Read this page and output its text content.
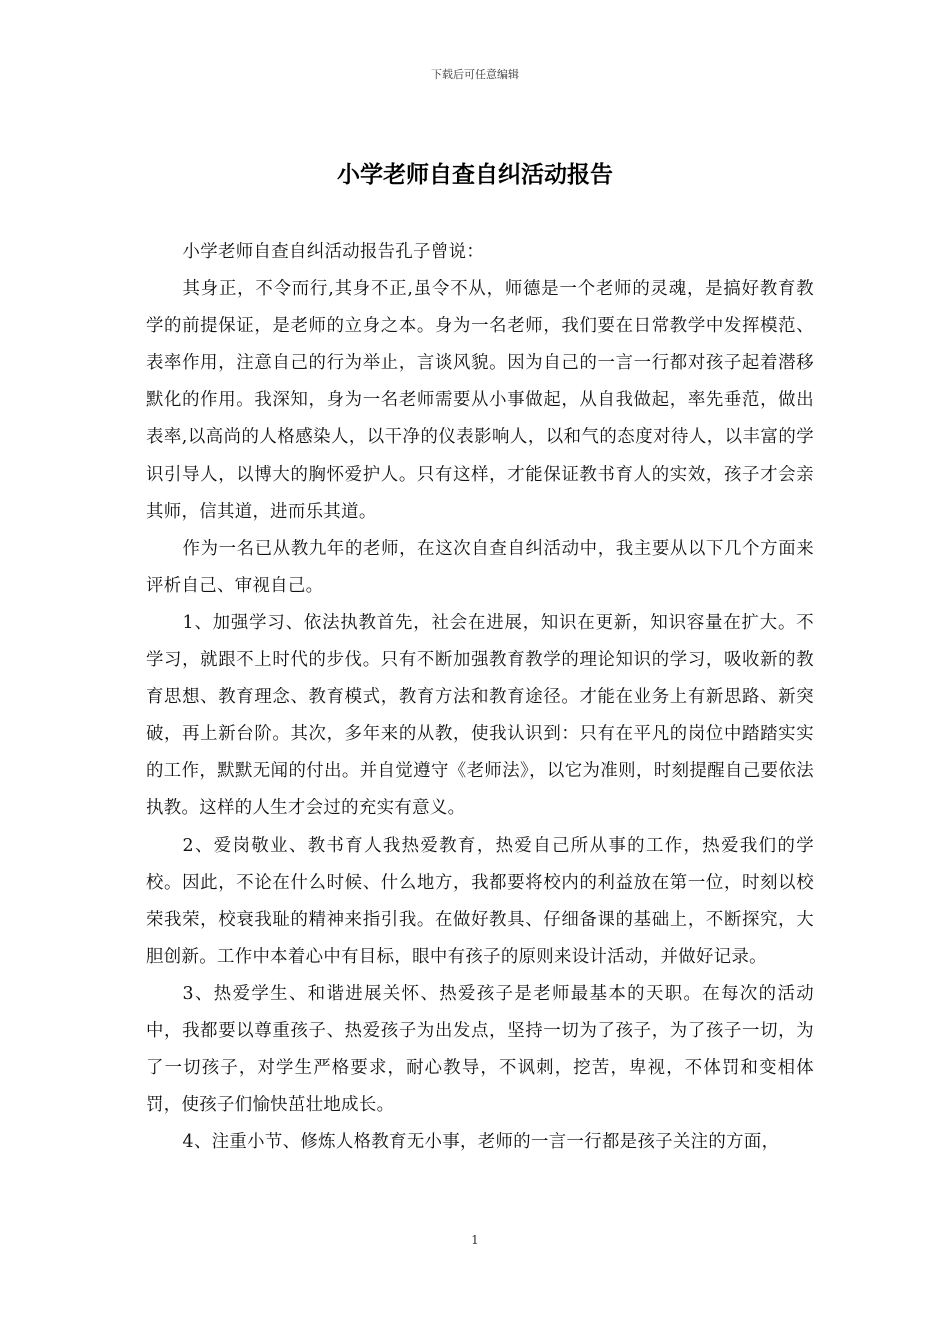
下载后可任意编辑
小学老师自查自纠活动报告

小学老师自查自纠活动报告孔子曾说：

其身正，不令而行,其身不正,虽令不从，师德是一个老师的灵魂，是搞好教育教学的前提保证，是老师的立身之本。身为一名老师，我们要在日常教学中发挥模范、表率作用，注意自己的行为举止，言谈风貌。因为自己的一言一行都对孩子起着潜移默化的作用。我深知，身为一名老师需要从小事做起，从自我做起，率先垂范，做出表率,以高尚的人格感染人，以干净的仪表影响人，以和气的态度对待人，以丰富的学识引导人，以博大的胸怀爱护人。只有这样，才能保证教书育人的实效，孩子才会亲其师，信其道，进而乐其道。

作为一名已从教九年的老师，在这次自查自纠活动中，我主要从以下几个方面来评析自己、审视自己。

1、加强学习、依法执教首先，社会在进展，知识在更新，知识容量在扩大。不学习，就跟不上时代的步伐。只有不断加强教育教学的理论知识的学习，吸收新的教育思想、教育理念、教育模式，教育方法和教育途径。才能在业务上有新思路、新突破，再上新台阶。其次，多年来的从教，使我认识到：只有在平凡的岗位中踏踏实实的工作，默默无闻的付出。并自觉遵守《老师法》，以它为准则，时刻提醒自己要依法执教。这样的人生才会过的充实有意义。

2、爱岗敬业、教书育人我热爱教育，热爱自己所从事的工作，热爱我们的学校。因此，不论在什么时候、什么地方，我都要将校内的利益放在第一位，时刻以校荣我荣，校衰我耻的精神来指引我。在做好教具、仔细备课的基础上，不断探究，大胆创新。工作中本着心中有目标，眼中有孩子的原则来设计活动，并做好记录。

3、热爱学生、和谐进展关怀、热爱孩子是老师最基本的天职。在每次的活动中，我都要以尊重孩子、热爱孩子为出发点，坚持一切为了孩子，为了孩子一切，为了一切孩子，对学生严格要求，耐心教导，不讽刺，挖苦，卑视，不体罚和变相体罚，使孩子们愉快茁壮地成长。

4、注重小节、修炼人格教育无小事，老师的一言一行都是孩子关注的方面，

1
